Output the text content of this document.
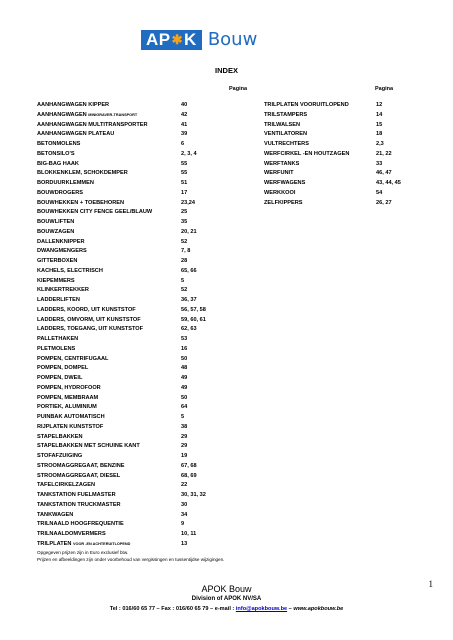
AP ✱ K Bouw
INDEX
Pagina	Pagina
AANHANGWAGEN KIPPER	40
AANHANGWAGEN MINIGRAVER-TRANSPORT	42
AANHANGWAGEN MULTITRANSPORTER	41
AANHANGWAGEN PLATEAU	39
BETONMOLENS	6
BETONSILO'S	2, 3, 4
BIG-BAG HAAK	55
BLOKKENKLEM, SCHOKDEMPER	55
BORDUURKLEMMEN	51
BOUWDROGERS	17
BOUWHEKKEN + TOEBEHOREN	23,24
BOUWHEKKEN CITY FENCE GEEL/BLAUW	25
BOUWLIFTEN	35
BOUWZAGEN	20, 21
DALLENKNIPPER	52
DWANGMENGERS	7, 8
GITTERBOXEN	28
KACHELS, ELECTRISCH	65, 66
KIEPEMMERS	5
KLINKERTREKKER	52
LADDERLIFTEN	36, 37
LADDERS, KOORD, UIT KUNSTSTOF	56, 57, 58
LADDERS, OMVORM, UIT KUNSTSTOF	59, 60, 61
LADDERS, TOEGANG, UIT KUNSTSTOF	62, 63
PALLETHAKEN	53
PLETMOLENS	16
POMPEN, CENTRIFUGAAL	50
POMPEN, DOMPEL	48
POMPEN, DWEIL	49
POMPEN, HYDROFOOR	49
POMPEN, MEMBRAAM	50
PORTIEK, ALUMINIUM	64
PUINBAK AUTOMATISCH	5
RIJPLATEN KUNSTSTOF	38
STAPELBAKKEN	29
STAPELBAKKEN MET SCHUINE KANT	29
STOFAFZUIGING	19
STROOMAGGREGAAT, BENZINE	67, 68
STROOMAGGREGAAT, DIESEL	68, 69
TAFELCIRKELZAGEN	22
TANKSTATION FUELMASTER	30, 31, 32
TANKSTATION TRUCKMASTER	30
TANKWAGEN	34
TRILNAALD HOOGFREQUENTIE	9
TRILNAALDOMVERMERS	10, 11
TRILPLATEN VOOR -EN ACHTERUITLOPEND	13
TRILPLATEN VOORUITLOPEND	12
TRILSTAMPERS	14
TRILWALSEN	15
VENTILATOREN	18
VULTRECHTERS	2,3
WERFCIRKEL -EN HOUTZAGEN	21, 22
WERFTANKS	33
WERFUNIT	46, 47
WERFWAGENS	43, 44, 45
WERKKOOI	54
ZELFKIPPERS	26, 27
Opgegeven prijzen zijn in Euro exclusief btw.
Prijzen en afbeeldingen zijn onder voorbehoud van vergissingen en tussentijdse wijzigingen.
1
APOK Bouw
Division of APOK NV/SA
Tel : 016/60 65 77 – Fax : 016/60 65 79 – e-mail : info@apokbouw.be – www.apokbouw.be
